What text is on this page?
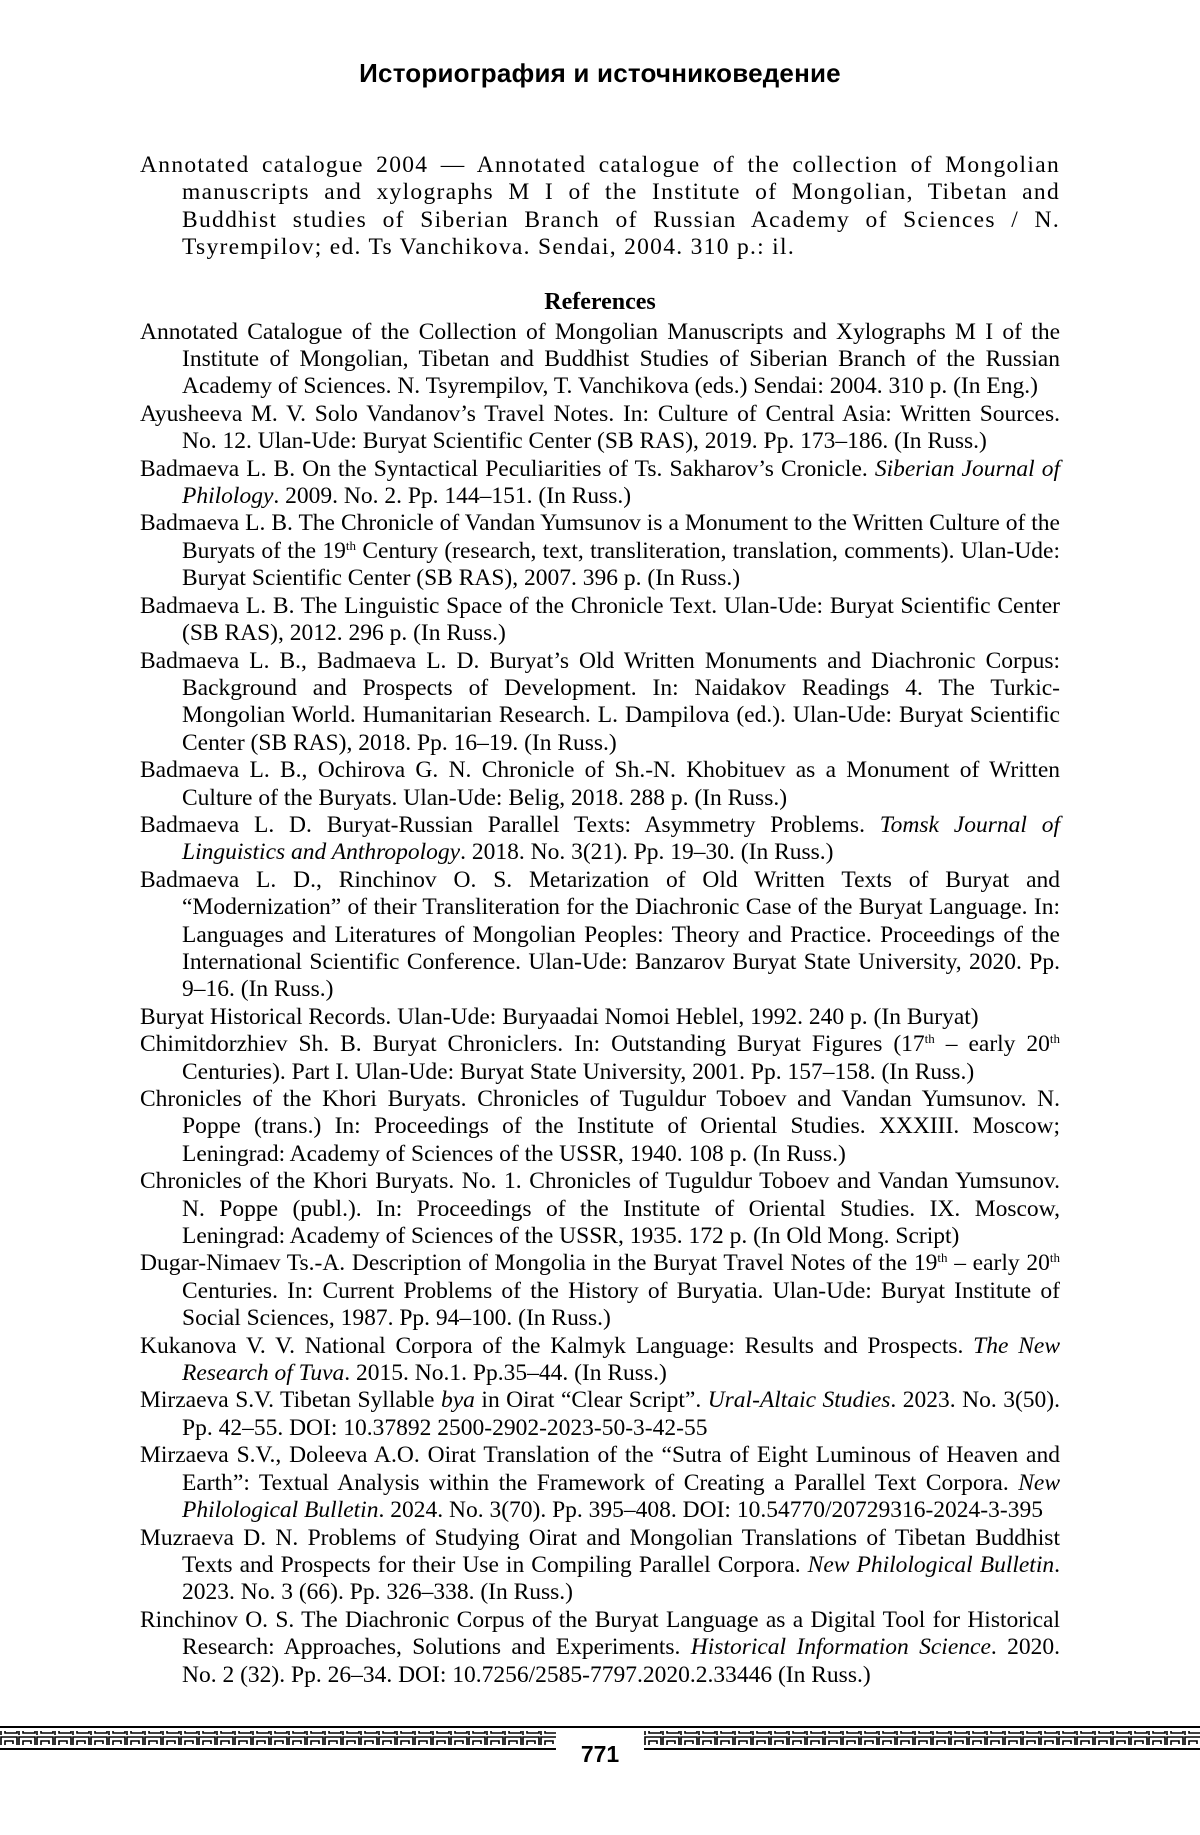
Историография и источниковедение

Annotated catalogue 2004 — Annotated catalogue of the collection of Mongolian manuscripts and xylographs M I of the Institute of Mongolian, Tibetan and Buddhist studies of Siberian Branch of Russian Academy of Sciences / N. Tsyrempilov; ed. Ts Vanchikova. Sendai, 2004. 310 p.: il.

References

Annotated Catalogue of the Collection of Mongolian Manuscripts and Xylographs M I of the Institute of Mongolian, Tibetan and Buddhist Studies of Siberian Branch of the Russian Academy of Sciences. N. Tsyrempilov, T. Vanchikova (eds.) Sendai: 2004. 310 p. (In Eng.)

Ayusheeva M. V. Solo Vandanov’s Travel Notes. In: Culture of Central Asia: Written Sources. No. 12. Ulan-Ude: Buryat Scientific Center (SB RAS), 2019. Pp. 173–186. (In Russ.)

Badmaeva L. B. On the Syntactical Peculiarities of Ts. Sakharov’s Cronicle. Siberian Journal of Philology. 2009. No. 2. Pp. 144–151. (In Russ.)

Badmaeva L. B. The Chronicle of Vandan Yumsunov is a Monument to the Written Culture of the Buryats of the 19th Century (research, text, transliteration, translation, comments). Ulan-Ude: Buryat Scientific Center (SB RAS), 2007. 396 p. (In Russ.)

Badmaeva L. B. The Linguistic Space of the Chronicle Text. Ulan-Ude: Buryat Scientific Center (SB RAS), 2012. 296 p. (In Russ.)

Badmaeva L. B., Badmaeva L. D. Buryat’s Old Written Monuments and Diachronic Corpus: Background and Prospects of Development. In: Naidakov Readings 4. The Turkic-Mongolian World. Humanitarian Research. L. Dampilova (ed.). Ulan-Ude: Buryat Scientific Center (SB RAS), 2018. Pp. 16–19. (In Russ.)

Badmaeva L. B., Ochirova G. N. Chronicle of Sh.-N. Khobituev as a Monument of Written Culture of the Buryats. Ulan-Ude: Belig, 2018. 288 p. (In Russ.)

Badmaeva L. D. Buryat-Russian Parallel Texts: Asymmetry Problems. Tomsk Journal of Linguistics and Anthropology. 2018. No. 3(21). Pp. 19–30. (In Russ.)

Badmaeva L. D., Rinchinov O. S. Metarization of Old Written Texts of Buryat and “Modernization” of their Transliteration for the Diachronic Case of the Buryat Language. In: Languages and Literatures of Mongolian Peoples: Theory and Practice. Proceedings of the International Scientific Conference. Ulan-Ude: Banzarov Buryat State University, 2020. Pp. 9–16. (In Russ.)

Buryat Historical Records. Ulan-Ude: Buryaadai Nomoi Heblel, 1992. 240 p. (In Buryat)

Chimitdorzhiev Sh. B. Buryat Chroniclers. In: Outstanding Buryat Figures (17th – early 20th Centuries). Part I. Ulan-Ude: Buryat State University, 2001. Pp. 157–158. (In Russ.)

Chronicles of the Khori Buryats. Chronicles of Tuguldur Toboev and Vandan Yumsunov. N. Poppe (trans.) In: Proceedings of the Institute of Oriental Studies. XXXIII. Moscow; Leningrad: Academy of Sciences of the USSR, 1940. 108 p. (In Russ.)

Chronicles of the Khori Buryats. No. 1. Chronicles of Tuguldur Toboev and Vandan Yumsunov. N. Poppe (publ.). In: Proceedings of the Institute of Oriental Studies. IX. Moscow, Leningrad: Academy of Sciences of the USSR, 1935. 172 p. (In Old Mong. Script)

Dugar-Nimaev Ts.-A. Description of Mongolia in the Buryat Travel Notes of the 19th – early 20th Centuries. In: Current Problems of the History of Buryatia. Ulan-Ude: Buryat Institute of Social Sciences, 1987. Pp. 94–100. (In Russ.)

Kukanova V. V. National Corpora of the Kalmyk Language: Results and Prospects. The New Research of Tuva. 2015. No.1. Pp.35–44. (In Russ.)

Mirzaeva S.V. Tibetan Syllable bya in Oirat “Clear Script”. Ural-Altaic Studies. 2023. No. 3(50). Pp. 42–55. DOI: 10.37892 2500-2902-2023-50-3-42-55

Mirzaeva S.V., Doleeva A.O. Oirat Translation of the “Sutra of Eight Luminous of Heaven and Earth”: Textual Analysis within the Framework of Creating a Parallel Text Corpora. New Philological Bulletin. 2024. No. 3(70). Pp. 395–408. DOI: 10.54770/20729316-2024-3-395

Muzraeva D. N. Problems of Studying Oirat and Mongolian Translations of Tibetan Buddhist Texts and Prospects for their Use in Compiling Parallel Corpora. New Philological Bulletin. 2023. No. 3 (66). Pp. 326–338. (In Russ.)

Rinchinov O. S. The Diachronic Corpus of the Buryat Language as a Digital Tool for Historical Research: Approaches, Solutions and Experiments. Historical Information Science. 2020. No. 2 (32). Pp. 26–34. DOI: 10.7256/2585-7797.2020.2.33446 (In Russ.)

771
